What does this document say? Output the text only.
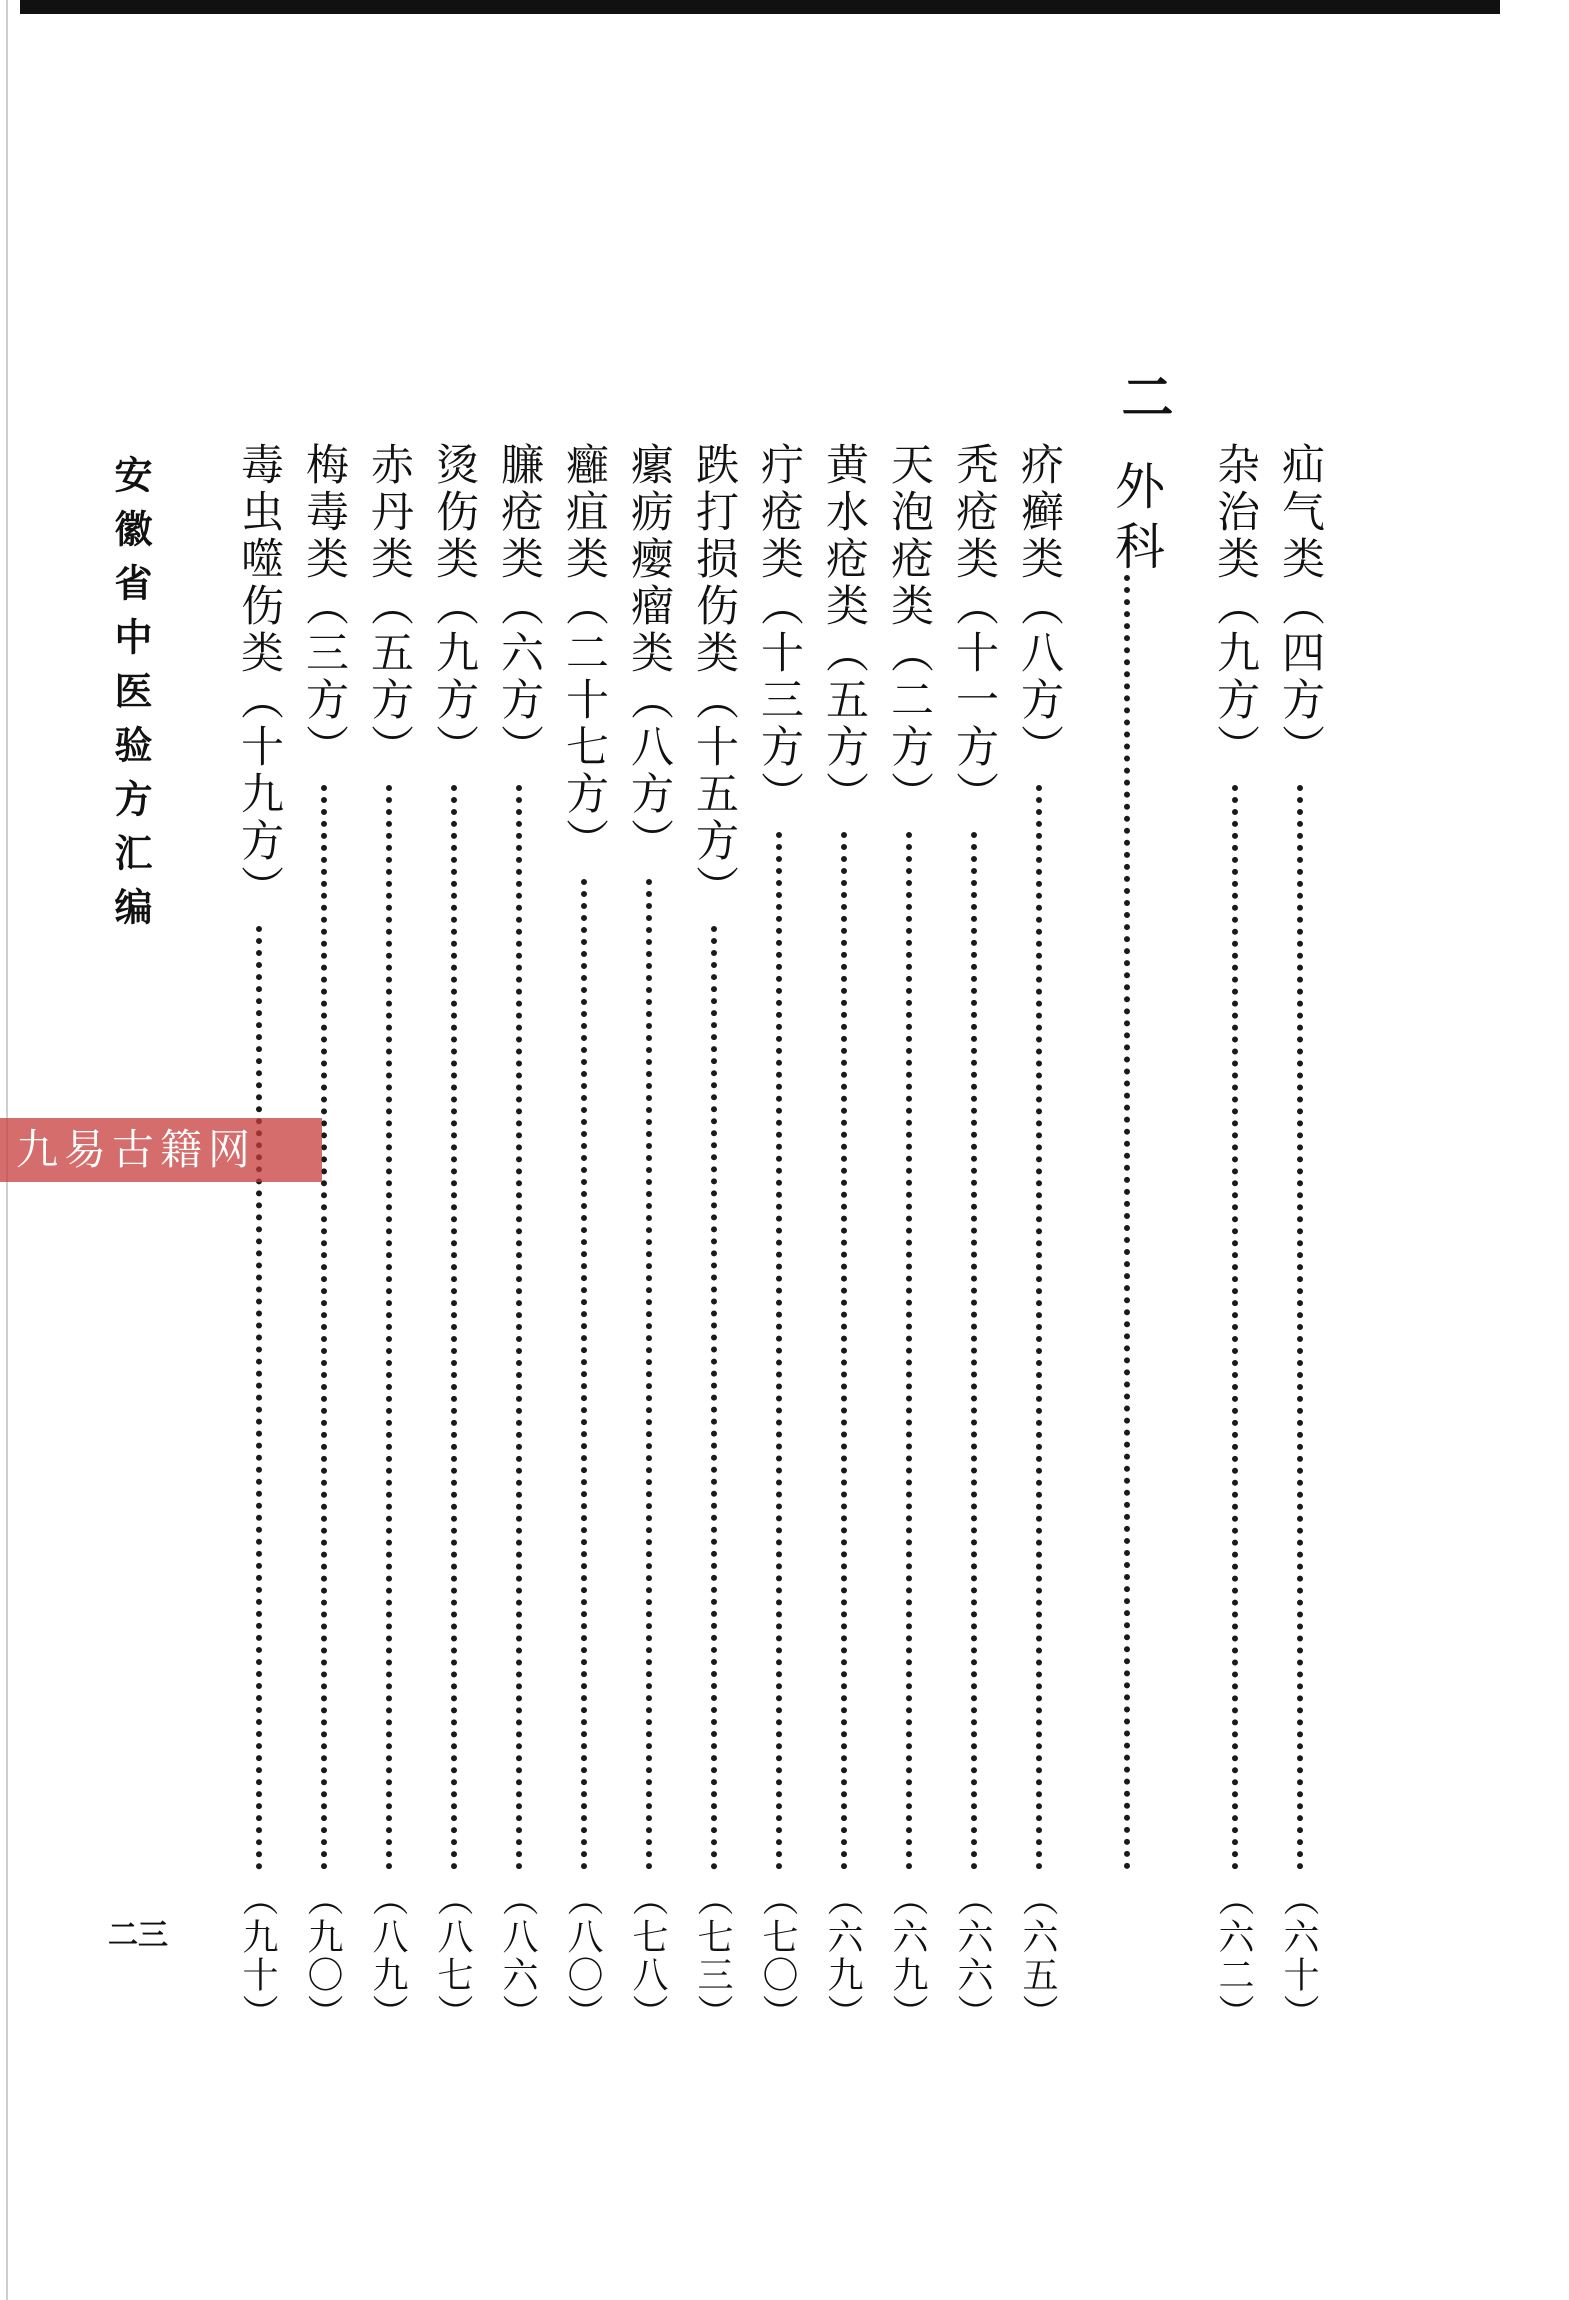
安徽省中医验方汇编
二三
二
外科	疝气类（四方）
（六十）
杂治类（九方）
（六二）
疥癣类（八方）
（六五）
秃疮类（十一方）
（六六）
天泡疮类（二方）
（六九）
黄水疮类（五方）
（六九）
疔疮类（十三方）
（七〇）
跌打损伤类（十五方）
（七三）
瘰疬瘿瘤类（八方）
（七八）
癰疽类（二十七方）
（八〇）
臁疮类（六方）
（八六）
烫伤类（九方）
（八七）
赤丹类（五方）
（八九）
梅毒类（三方）
（九〇）
毒虫噬伤类（十九方）
（九十）
九易古籍网
